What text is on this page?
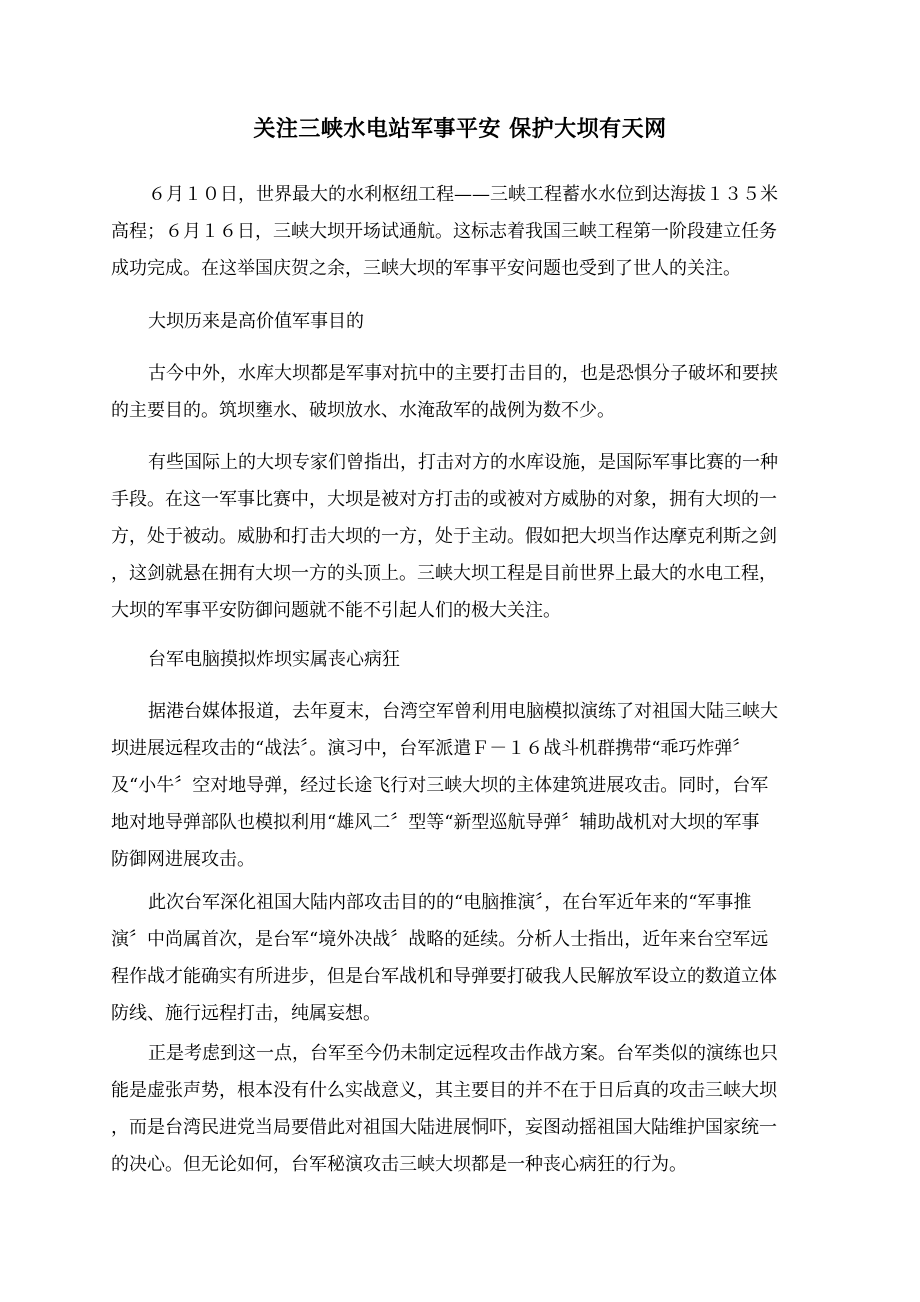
关注三峡水电站军事平安 保护大坝有天网
６月１０日，世界最大的水利枢纽工程——三峡工程蓄水水位到达海拔１３５米
高程；６月１６日，三峡大坝开场试通航。这标志着我国三峡工程第一阶段建立任务
成功完成。在这举国庆贺之余，三峡大坝的军事平安问题也受到了世人的关注。
大坝历来是高价值军事目的
古今中外，水库大坝都是军事对抗中的主要打击目的，也是恐惧分子破坏和要挟
的主要目的。筑坝壅水、破坝放水、水淹敌军的战例为数不少。
有些国际上的大坝专家们曾指出，打击对方的水库设施，是国际军事比赛的一种
手段。在这一军事比赛中，大坝是被对方打击的或被对方威胁的对象，拥有大坝的一
方，处于被动。威胁和打击大坝的一方，处于主动。假如把大坝当作达摩克利斯之剑
，这剑就悬在拥有大坝一方的头顶上。三峡大坝工程是目前世界上最大的水电工程，
大坝的军事平安防御问题就不能不引起人们的极大关注。
台军电脑摸拟炸坝实属丧心病狂
据港台媒体报道，去年夏末，台湾空军曾利用电脑模拟演练了对祖国大陆三峡大
坝进展远程攻击的“战法〞。演习中，台军派遣Ｆ－１６战斗机群携带“乖巧炸弹〞
及“小牛〞空对地导弹，经过长途飞行对三峡大坝的主体建筑进展攻击。同时，台军
地对地导弹部队也模拟利用“雄风二〞型等“新型巡航导弹〞辅助战机对大坝的军事
防御网进展攻击。
此次台军深化祖国大陆内部攻击目的的“电脑推演〞，在台军近年来的“军事推
演〞中尚属首次，是台军“境外决战〞战略的延续。分析人士指出，近年来台空军远
程作战才能确实有所进步，但是台军战机和导弹要打破我人民解放军设立的数道立体
防线、施行远程打击，纯属妄想。
正是考虑到这一点，台军至今仍未制定远程攻击作战方案。台军类似的演练也只
能是虚张声势，根本没有什么实战意义，其主要目的并不在于日后真的攻击三峡大坝
，而是台湾民进党当局要借此对祖国大陆进展恫吓，妄图动摇祖国大陆维护国家统一
的决心。但无论如何，台军秘演攻击三峡大坝都是一种丧心病狂的行为。
